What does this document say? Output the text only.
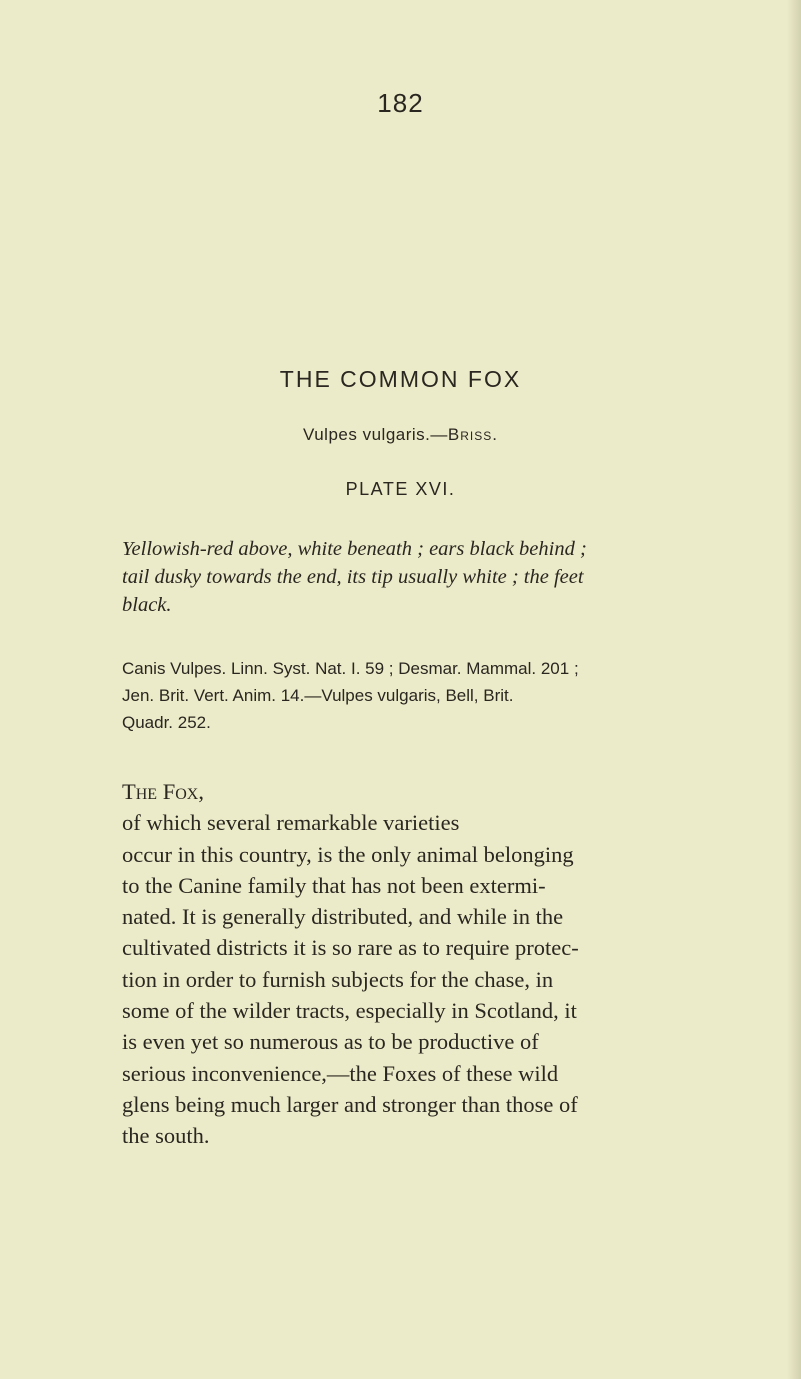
182
THE COMMON FOX
Vulpes vulgaris.—Briss.
PLATE XVI.

Yellowish-red above, white beneath ; ears black behind ;
tail dusky towards the end, its tip usually white ; the feet
black.

Canis Vulpes. Linn. Syst. Nat. I. 59 ; Desmar. Mammal. 201 ;
Jen. Brit. Vert. Anim. 14.—Vulpes vulgaris, Bell, Brit.
Quadr. 252.

The Fox,
of which several remarkable varieties
occur in this country, is the only animal belonging
to the Canine family that has not been extermi-
nated. It is generally distributed, and while in the
cultivated districts it is so rare as to require protec-
tion in order to furnish subjects for the chase, in
some of the wilder tracts, especially in Scotland, it
is even yet so numerous as to be productive of
serious inconvenience,—the Foxes of these wild
glens being much larger and stronger than those of
the south.
